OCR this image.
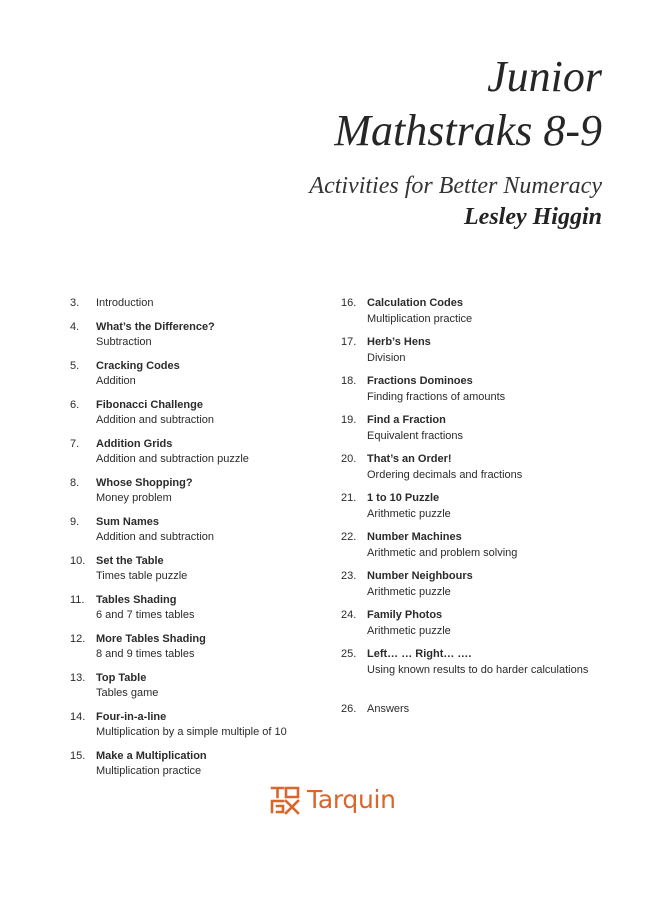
Junior
Mathstraks 8-9
Activities for Better Numeracy
Lesley Higgin
3.	Introduction
4.	What’s the Difference?
Subtraction
5.	Cracking Codes
Addition
6.	Fibonacci Challenge
Addition and subtraction
7.	Addition Grids
Addition and subtraction puzzle
8.	Whose Shopping?
Money problem
9.	Sum Names
Addition and subtraction
10. Set the Table
Times table puzzle
11.	Tables Shading
6 and 7 times tables
12. More Tables Shading
8 and 9 times tables
13. Top Table
Tables game
14. Four-in-a-line
Multiplication by a simple multiple of 10
15. Make a Multiplication
Multiplication practice
16. Calculation Codes
Multiplication practice
17. Herb’s Hens
Division
18. Fractions Dominoes
Finding fractions of amounts
19. Find a Fraction
Equivalent fractions
20. That’s an Order!
Ordering decimals and fractions
21. 1 to 10 Puzzle
Arithmetic puzzle
22. Number Machines
Arithmetic and problem solving
23. Number Neighbours
Arithmetic puzzle
24. Family Photos
Arithmetic puzzle
25. Left… … Right… ….
Using known results to do harder calculations
26. Answers
Tarquin
